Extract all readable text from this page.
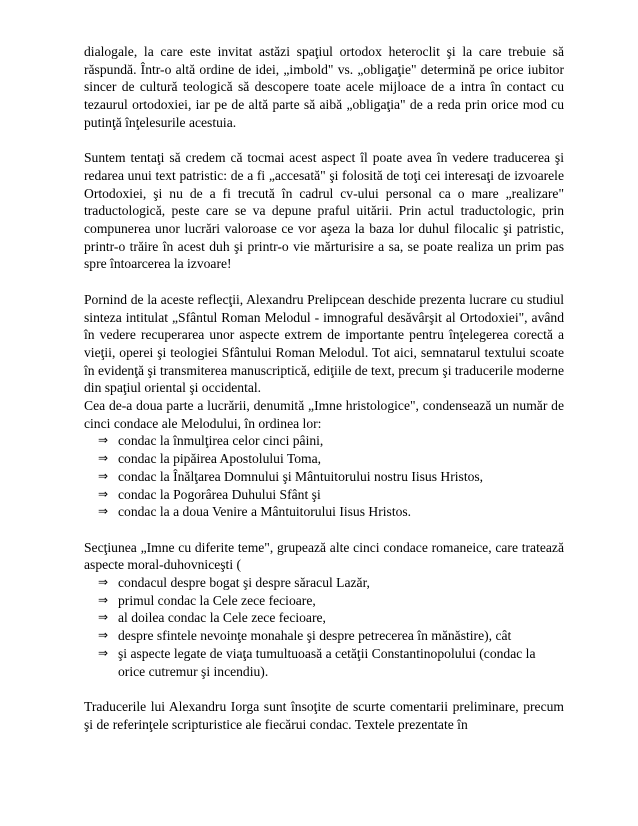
dialogale, la care este invitat astăzi spaţiul ortodox heteroclit şi la care trebuie să răspundă. Într-o altă ordine de idei, „imbold" vs. „obligaţie" determină pe orice iubitor sincer de cultură teologică să descopere toate acele mijloace de a intra în contact cu tezaurul ortodoxiei, iar pe de altă parte să aibă „obligaţia" de a reda prin orice mod cu putinţă înţelesurile acestuia.

Suntem tentaţi să credem că tocmai acest aspect îl poate avea în vedere traducerea şi redarea unui text patristic: de a fi „accesată" şi folosită de toţi cei interesaţi de izvoarele Ortodoxiei, şi nu de a fi trecută în cadrul cv-ului personal ca o mare „realizare" traductologică, peste care se va depune praful uitării. Prin actul traductologic, prin compunerea unor lucrări valoroase ce vor aşeza la baza lor duhul filocalic şi patristic, printr-o trăire în acest duh şi printr-o vie mărturisire a sa, se poate realiza un prim pas spre întoarcerea la izvoare!

Pornind de la aceste reflecţii, Alexandru Prelipcean deschide prezenta lucrare cu studiul sinteza intitulat „Sfântul Roman Melodul - imnograful desăvârşit al Ortodoxiei", având în vedere recuperarea unor aspecte extrem de importante pentru înţelegerea corectă a vieţii, operei şi teologiei Sfântului Roman Melodul. Tot aici, semnatarul textului scoate în evidenţă şi transmiterea manuscriptică, ediţiile de text, precum şi traducerile moderne din spaţiul oriental şi occidental.

Cea de-a doua parte a lucrării, denumită „Imne hristologice", condensează un număr de cinci condace ale Melodului, în ordinea lor:

⇒ condac la înmulţirea celor cinci pâini,
⇒ condac la pipăirea Apostolului Toma,
⇒ condac la Înălţarea Domnului şi Mântuitorului nostru Iisus Hristos,
⇒ condac la Pogorârea Duhului Sfânt şi
⇒ condac la a doua Venire a Mântuitorului Iisus Hristos.

Secţiunea „Imne cu diferite teme", grupează alte cinci condace romaneice, care tratează aspecte moral-duhovniceşti (

⇒ condacul despre bogat şi despre săracul Lazăr,
⇒ primul condac la Cele zece fecioare,
⇒ al doilea condac la Cele zece fecioare,
⇒ despre sfintele nevoinţe monahale şi despre petrecerea în mănăstire), cât
⇒ şi aspecte legate de viaţa tumultuoasă a cetăţii Constantinopolului (condac la orice cutremur şi incendiu).

Traducerile lui Alexandru Iorga sunt însoţite de scurte comentarii preliminare, precum şi de referinţele scripturistice ale fiecărui condac. Textele prezentate în
